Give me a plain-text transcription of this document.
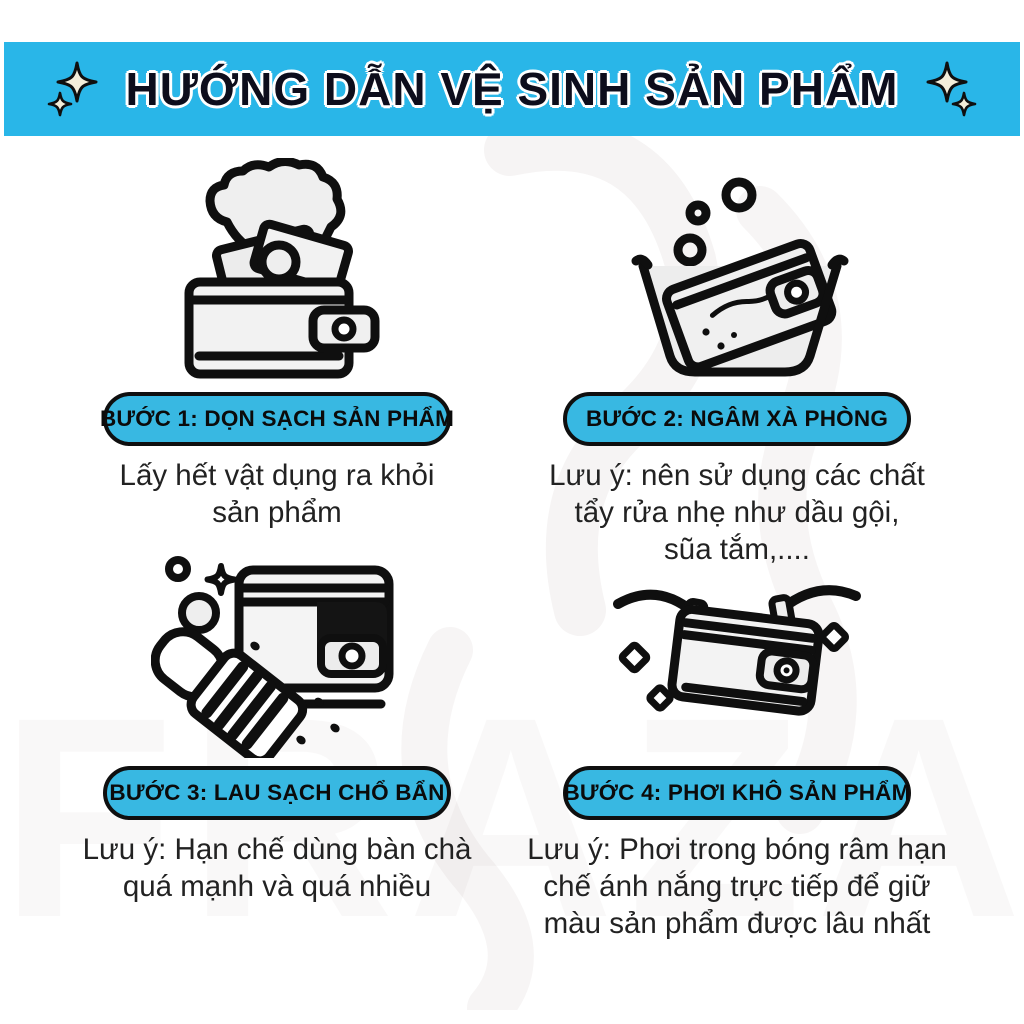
HƯỚNG DẪN VỆ SINH SẢN PHẨM
BƯỚC 1: DỌN SẠCH SẢN PHẨM
Lấy hết vật dụng ra khỏi
sản phẩm
BƯỚC 2: NGÂM XÀ PHÒNG
Lưu ý: nên sử dụng các chất
tẩy rửa nhẹ như dầu gội,
sũa tắm,....
BƯỚC 3: LAU SẠCH CHỔ BẨN
Lưu ý: Hạn chế dùng bàn chà
quá mạnh và quá nhiều
BƯỚC 4: PHƠI KHÔ SẢN PHẨM
Lưu ý: Phơi trong bóng râm hạn
chế ánh nắng trực tiếp để giữ
màu sản phẩm được lâu nhất
